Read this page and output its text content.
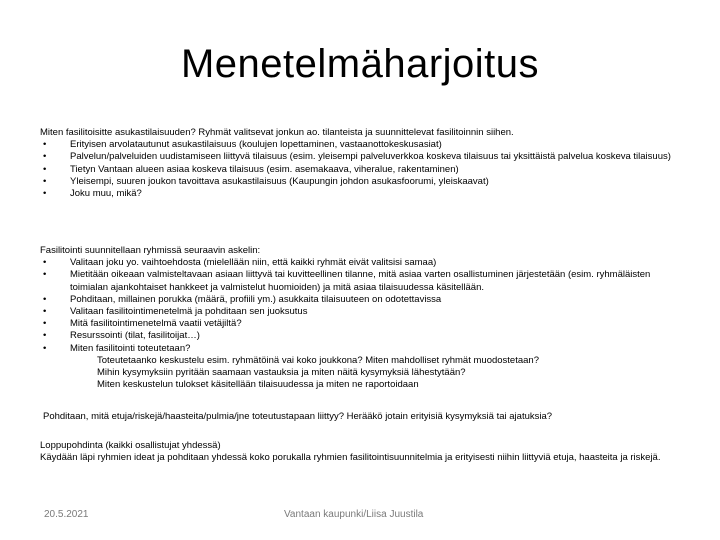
Menetelmäharjoitus
Miten fasilitoisitte asukastilaisuuden? Ryhmät valitsevat jonkun ao. tilanteista ja suunnittelevat fasilitoinnin siihen.
• Erityisen arvolatautunut asukastilaisuus (koulujen lopettaminen, vastaanottokeskusasiat)
• Palvelun/palveluiden uudistamiseen liittyvä tilaisuus (esim. yleisempi palveluverkkoa koskeva tilaisuus tai yksittäistä palvelua koskeva tilaisuus)
• Tietyn Vantaan alueen asiaa koskeva tilaisuus (esim. asemakaava, viheralue, rakentaminen)
• Yleisempi, suuren joukon tavoittava asukastilaisuus (Kaupungin johdon asukasfoorumi, yleiskaavat)
• Joku muu, mikä?
Fasilitointi suunnitellaan ryhmissä seuraavin askelin:
• Valitaan joku yo. vaihtoehdosta (mielellään niin, että kaikki ryhmät eivät valitsisi samaa)
• Mietitään oikeaan valmisteltavaan asiaan liittyvä tai kuvitteellinen tilanne, mitä asiaa varten osallistuminen järjestetään (esim. ryhmäläisten toimialan ajankohtaiset hankkeet ja valmistelut huomioiden) ja mitä asiaa tilaisuudessa käsitellään.
• Pohditaan, millainen porukka (määrä, profiili ym.) asukkaita tilaisuuteen on odotettavissa
• Valitaan fasilitointimenetelmä ja pohditaan sen juoksutus
• Mitä fasilitointimenetelmä vaatii vetäjiltä?
• Resurssointi (tilat, fasilitoijat…)
• Miten fasilitointi toteutetaan?
Toteutetaanko keskustelu esim. ryhmätöinä vai koko joukkona? Miten mahdolliset ryhmät muodostetaan?
Mihin kysymyksiin pyritään saamaan vastauksia ja miten näitä kysymyksiä lähestytään?
Miten keskustelun tulokset käsitellään tilaisuudessa ja miten ne raportoidaan
Pohditaan, mitä etuja/riskejä/haasteita/pulmia/jne toteutustapaan liittyy? Herääkö jotain erityisiä kysymyksiä tai ajatuksia?
Loppupohdinta (kaikki osallistujat yhdessä)
Käydään läpi ryhmien ideat ja pohditaan yhdessä koko porukalla ryhmien fasilitointisuunnitelmia ja erityisesti niihin liittyviä etuja, haasteita ja riskejä.
20.5.2021	Vantaan kaupunki/Liisa Juustila
